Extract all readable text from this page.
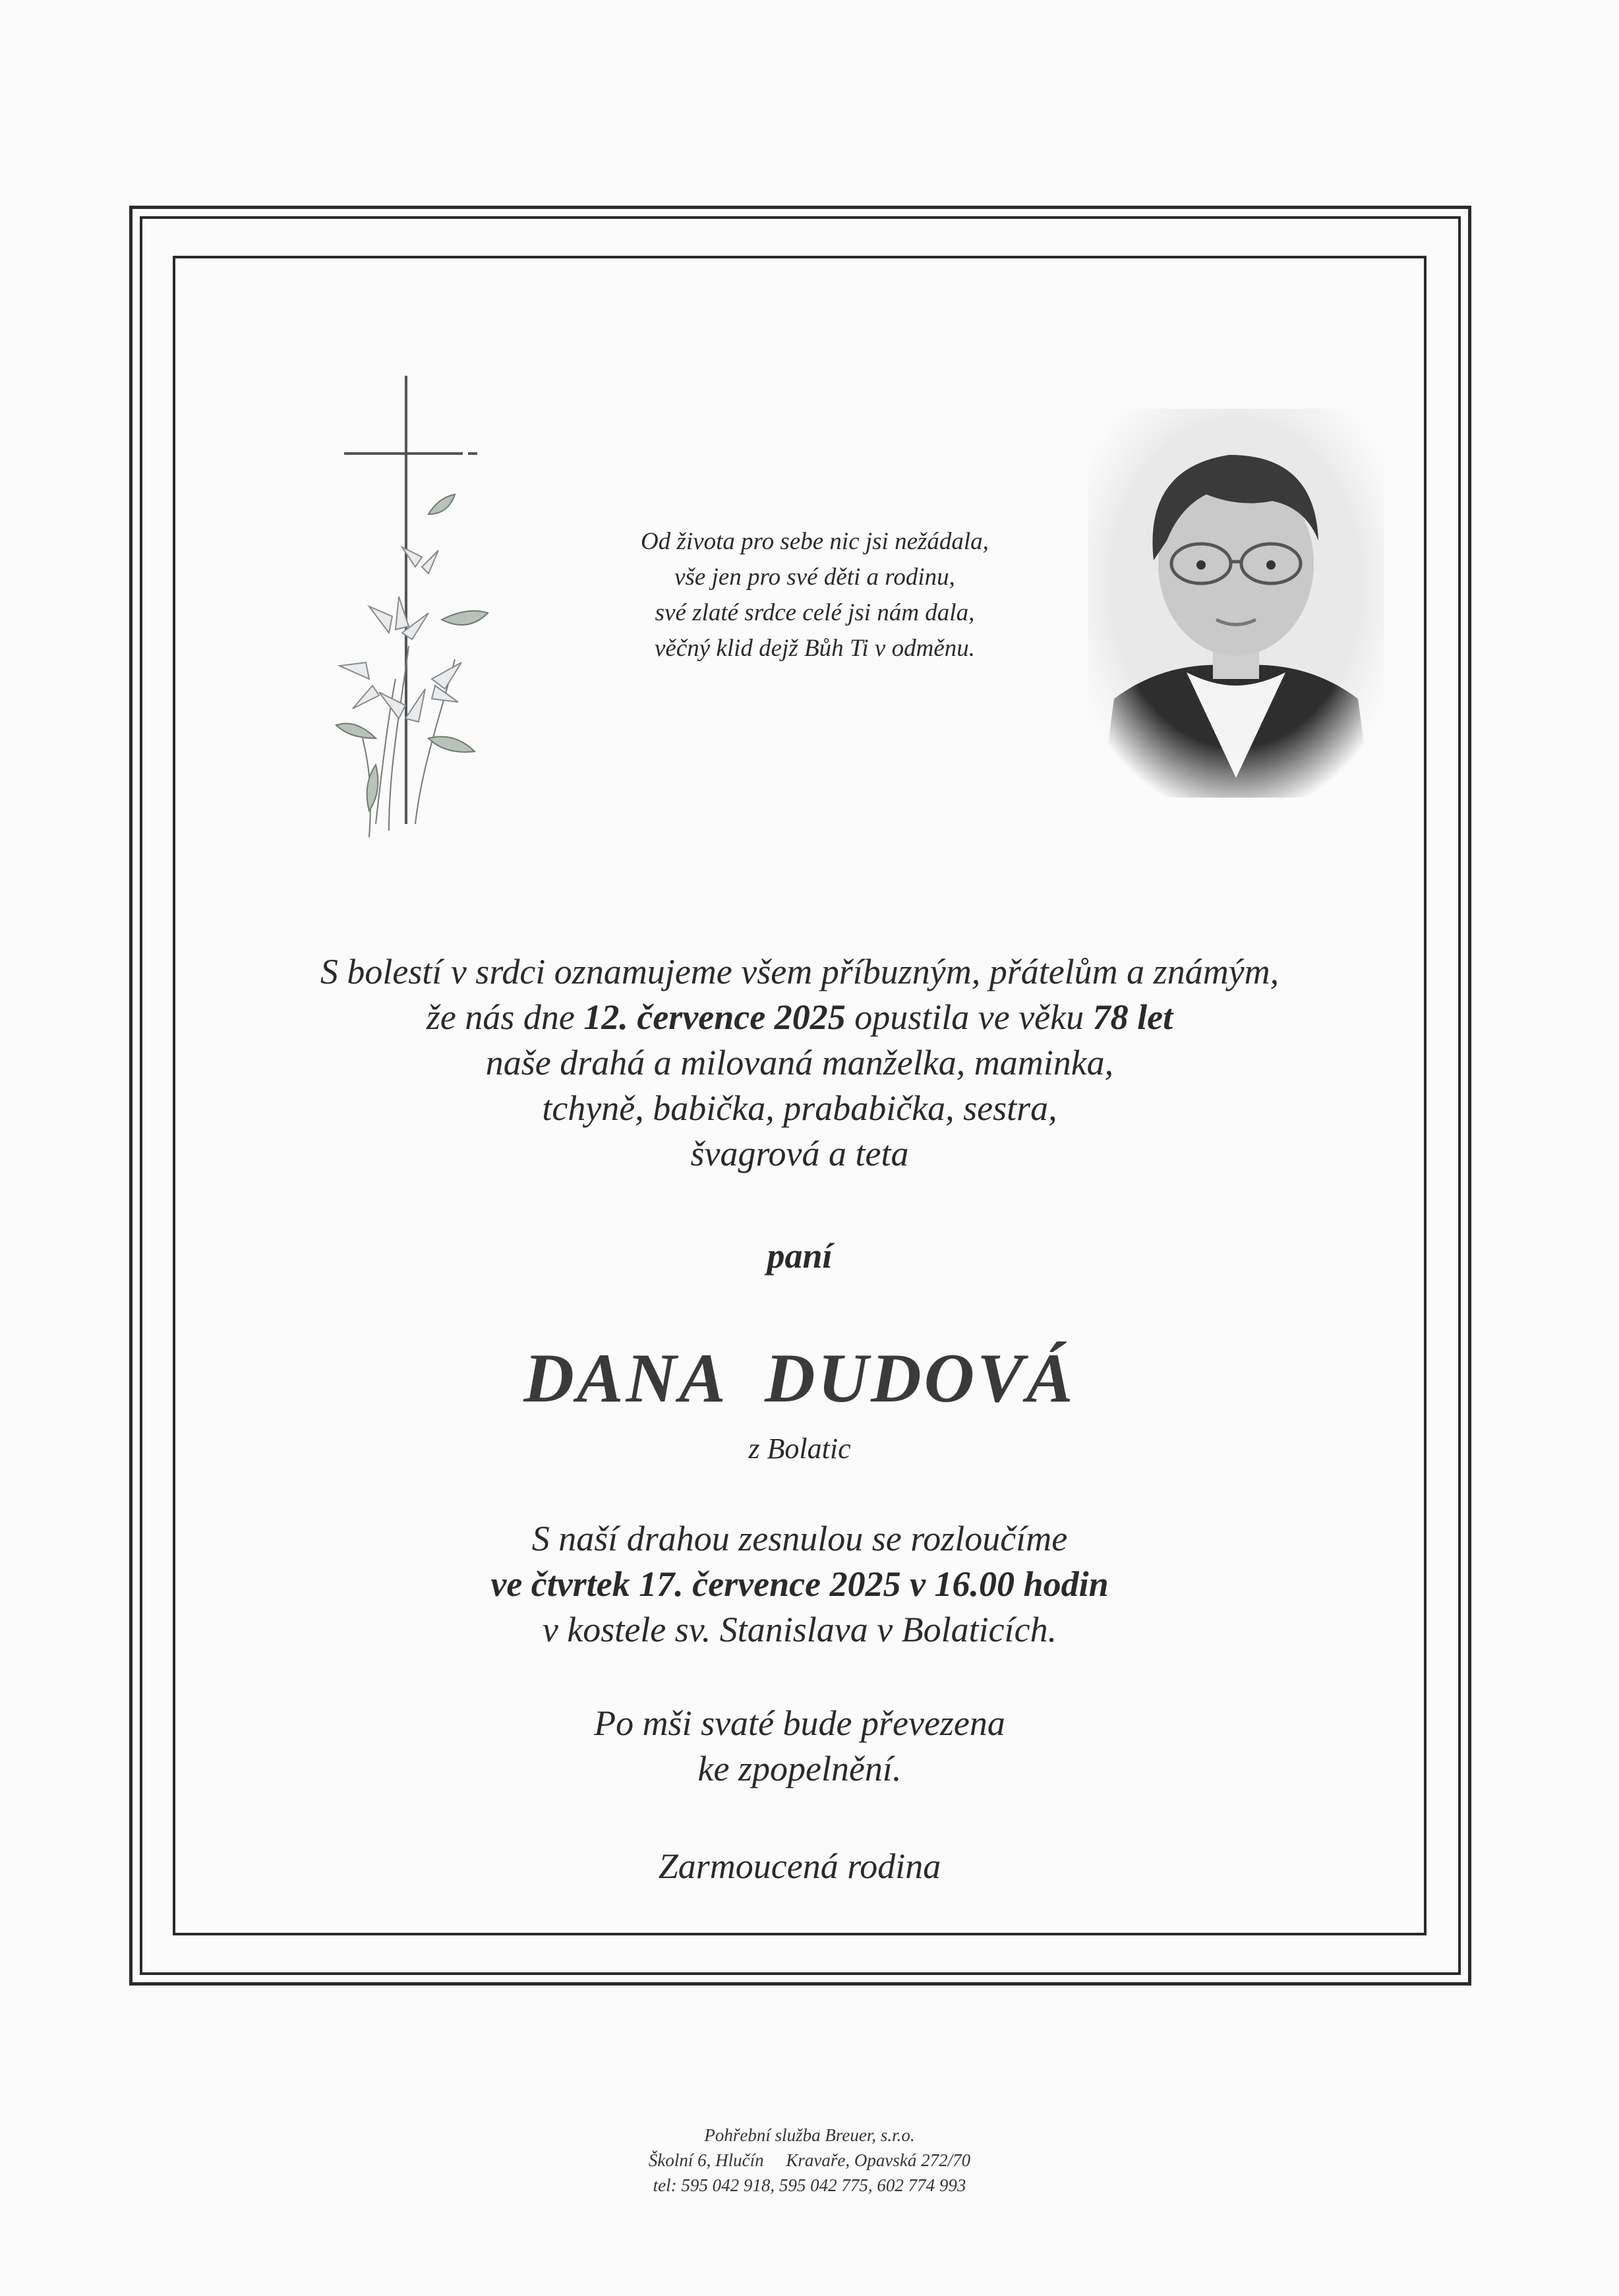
Od života pro sebe nic jsi nežádala,
vše jen pro své děti a rodinu,
své zlaté srdce celé jsi nám dala,
věčný klid dejž Bůh Ti v odměnu.
S bolestí v srdci oznamujeme všem příbuzným, přátelům a známým,
že nás dne 12. července 2025 opustila ve věku 78 let
naše drahá a milovaná manželka, maminka,
tchyně, babička, prababička, sestra,
švagrová a teta
paní
DANA  DUDOVÁ
z Bolatic
S naší drahou zesnulou se rozloučíme
ve čtvrtek 17. července 2025 v 16.00 hodin
v kostele sv. Stanislava v Bolaticích.
Po mši svaté bude převezena
ke zpopelnění.
Zarmoucená rodina
Pohřební služba Breuer, s.r.o.
Školní 6, Hlučín     Kravaře, Opavská 272/70
tel: 595 042 918, 595 042 775, 602 774 993
